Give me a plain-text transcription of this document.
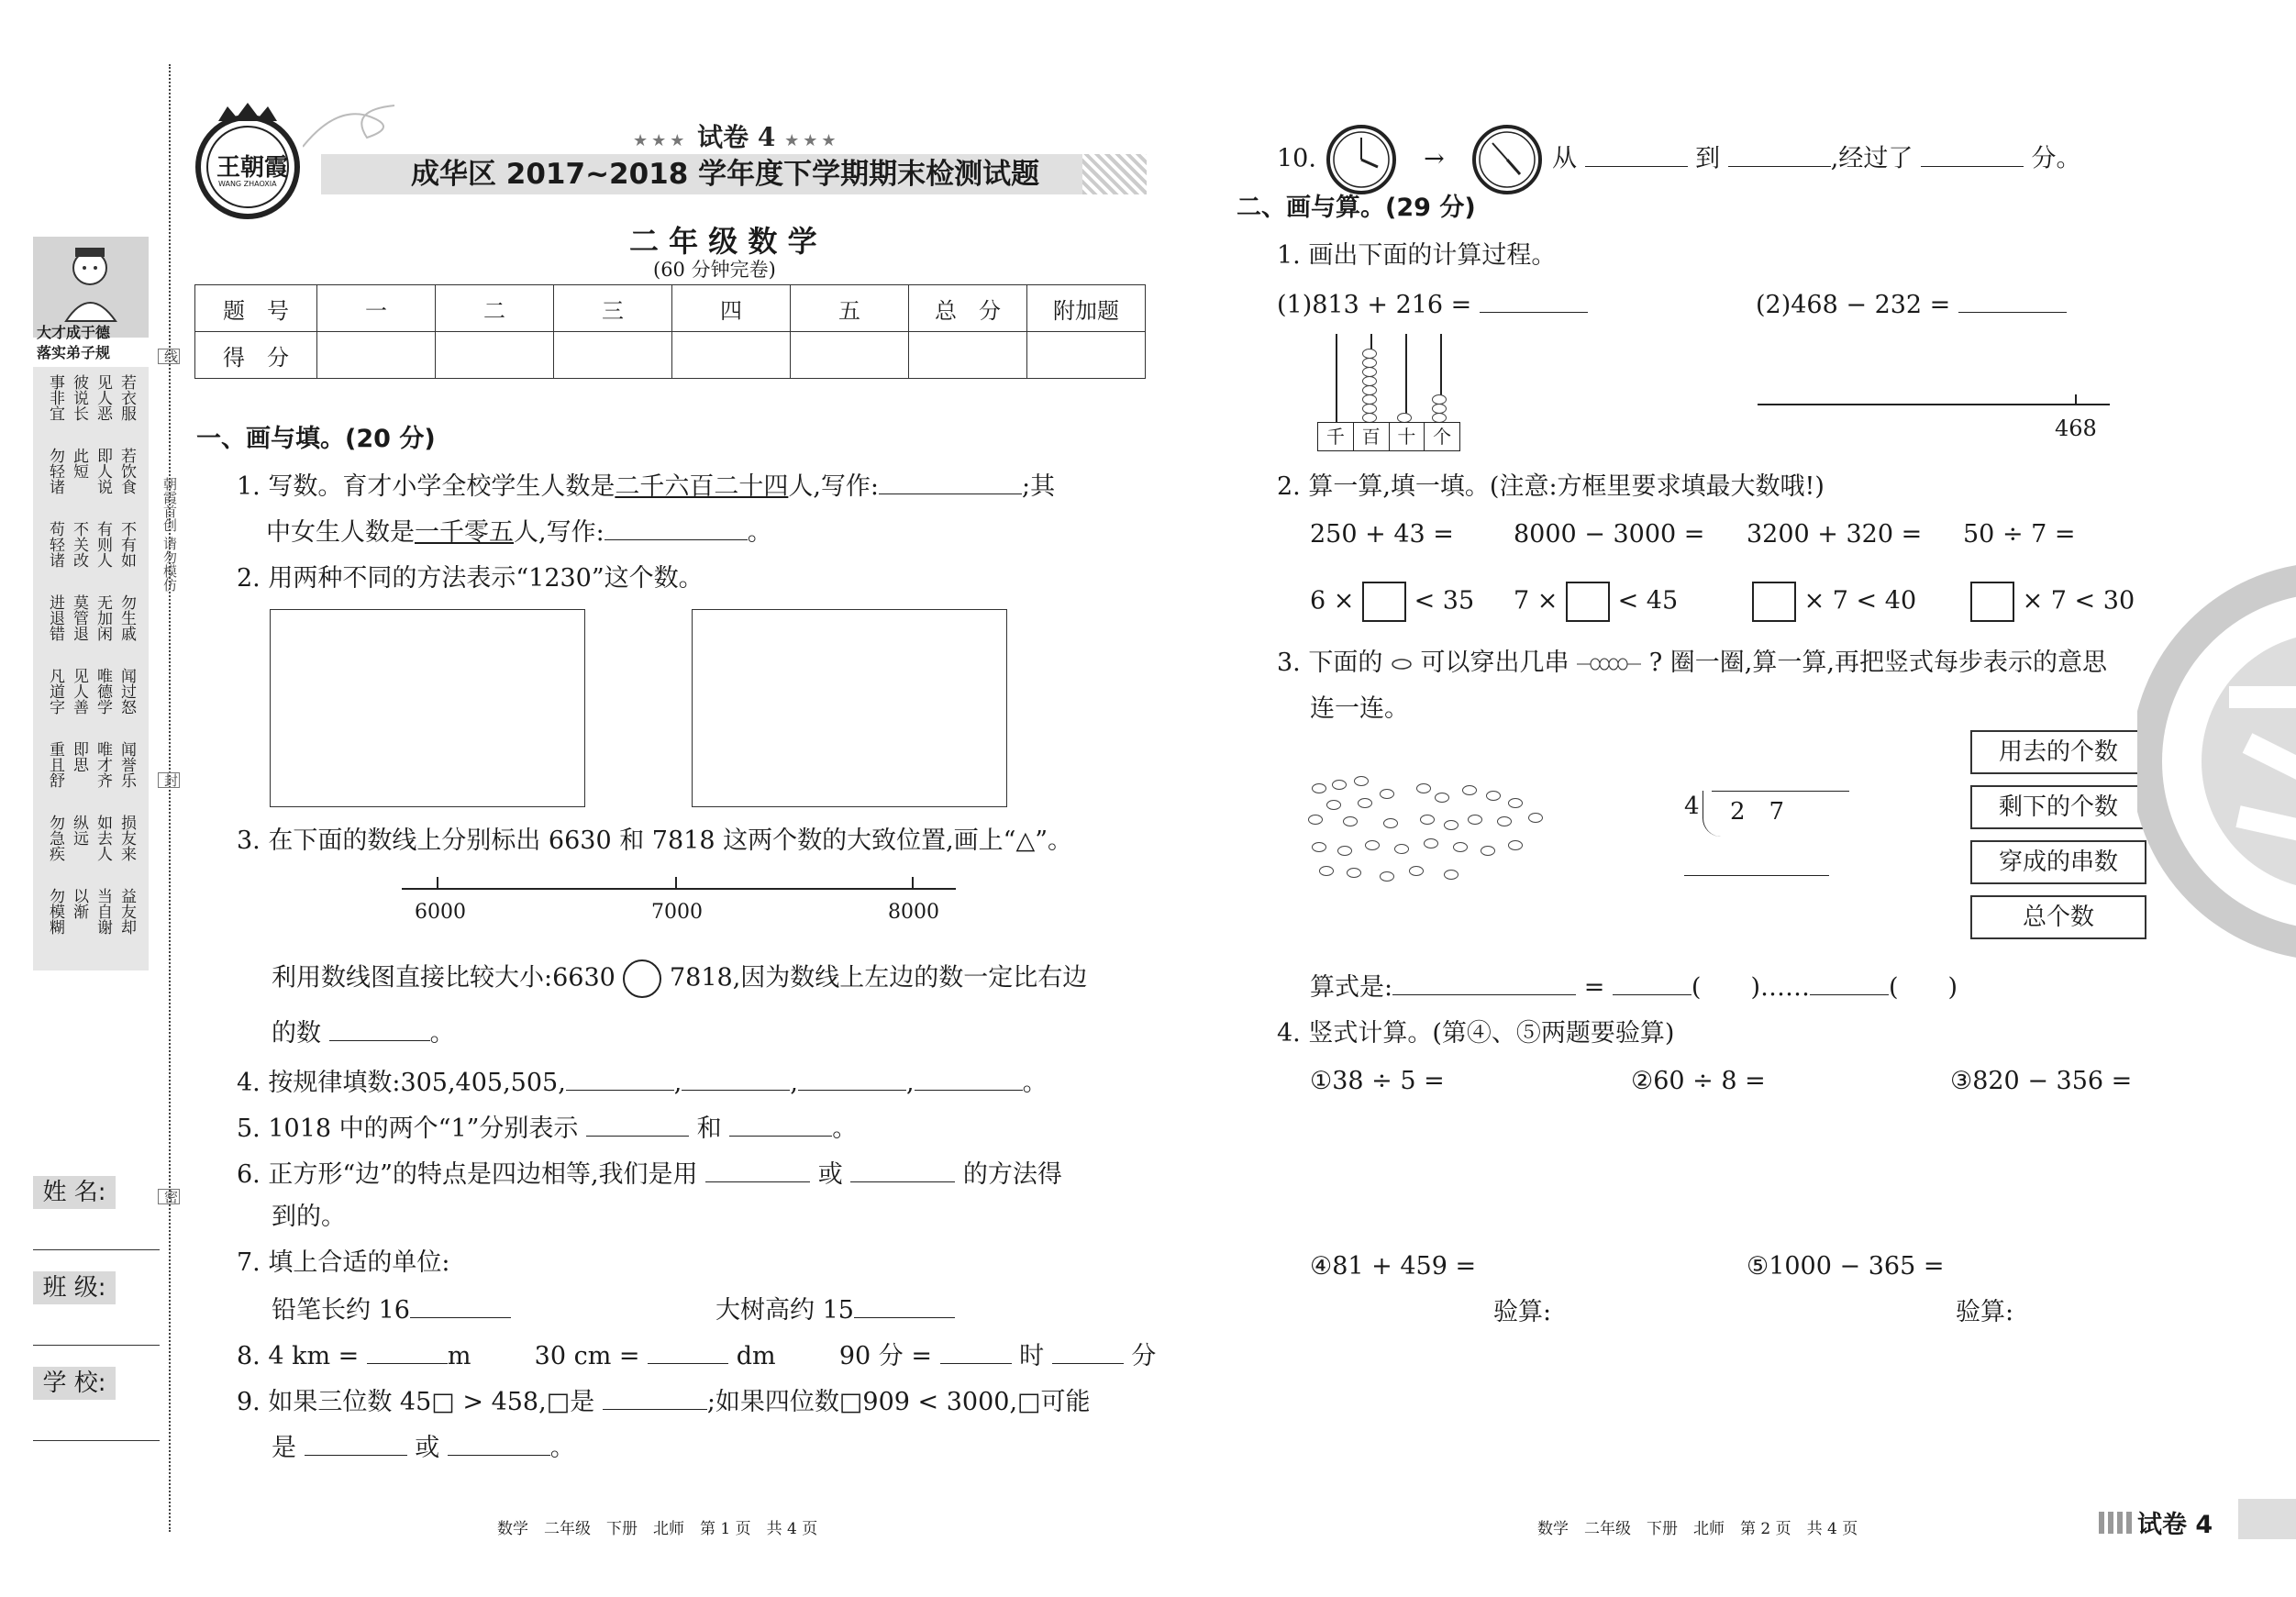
大才成于德
落实弟子规
若衣服
见人恶
彼说长
事非宜
若饮食
即人说
此短
勿轻诸
不有如
有则人
不关改
苟轻诸
勿生戚
无加闲
莫管退
进退错
闻过怒
唯德学
见人善
凡道字
闻誉乐
唯才齐
即思
重且舒
损友来
如去人
纵远
勿急疾
益友却
当自谢
以渐
勿模糊
姓 名:
班 级:
学 校:
线
朝霞首创 请勿模仿
封
密
王朝霞
WANG ZHAOXIA
★★★ 试卷 4 ★★★
成华区 2017~2018 学年度下学期期末检测试题
二 年 级 数 学
(60 分钟完卷)
题　号	一	二	三	四	五	总　分	附加题
得　分							
一、画与填。(20 分)
1. 写数。育才小学全校学生人数是二千六百二十四人,写作:	;其
中女生人数是一千零五人,写作:	。
2. 用两种不同的方法表示“1230”这个数。
3. 在下面的数线上分别标出 6630 和 7818 这两个数的大致位置,画上“△”。
6000	7000	8000
利用数线图直接比较大小:6630 7818,因为数线上左边的数一定比右边
的数	。
4. 按规律填数:305,405,505,	,	,	,	。
5. 1018 中的两个“1”分别表示	和	。
6. 正方形“边”的特点是四边相等,我们是用	或	的方法得
到的。
7. 填上合适的单位:
铅笔长约 16	大树高约 15
8. 4 km =	m	30 cm =	dm	90 分 =	时	分
9. 如果三位数 45□ > 458,□是	;如果四位数□909 < 3000,□可能
是	或	。
数学　二年级　下册　北师　第 1 页　共 4 页
10.	→	从	到	,经过了	分。
二、画与算。(29 分)
1. 画出下面的计算过程。
(1)813 + 216 =	(2)468 − 232 =
千 百 十 个	468
2. 算一算,填一填。(注意:方框里要求填最大数哦!)
250 + 43 = 8000 − 3000 = 3200 + 320 = 50 ÷ 7 =
6 × < 35 7 × < 45	× 7 < 40	× 7 < 30
3. 下面的 可以穿出几串	? 圈一圈,算一算,再把竖式每步表示的意思
连一连。
4 2　7
用去的个数
剩下的个数
穿成的串数
总个数
算式是:	=	(　　)……	(　　)
4. 竖式计算。(第④、⑤两题要验算)
①38 ÷ 5 =	②60 ÷ 8 =	③820 − 356 =
④81 + 459 =	⑤1000 − 365 =
验算:	验算:
数学　二年级　下册　北师　第 2 页　共 4 页	试卷 4
